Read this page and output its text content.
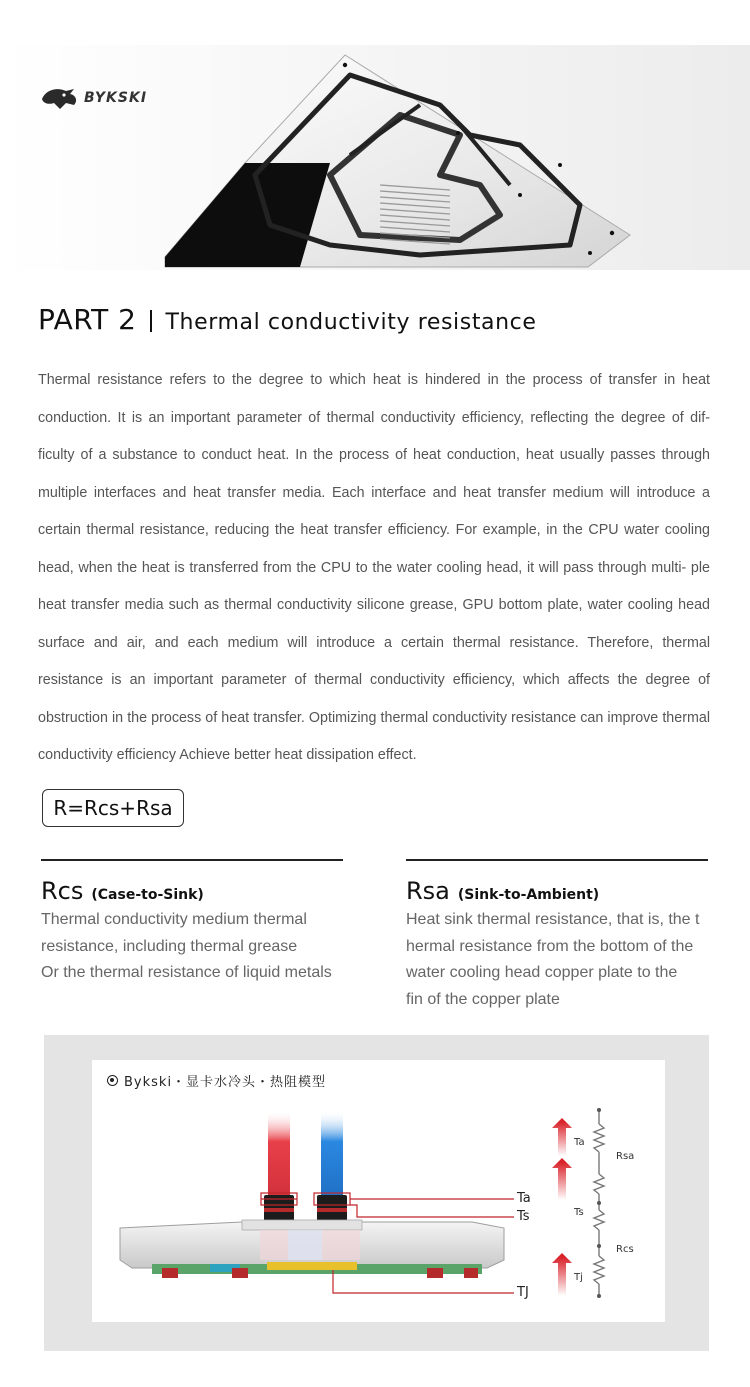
BYKSKI
PART 2 Thermal conductivity resistance

Thermal resistance refers to the degree to which heat is hindered in the process of transfer in heat conduction. It is an important parameter of thermal conductivity efficiency, reflecting the degree of dif- ficulty of a substance to conduct heat. In the process of heat conduction, heat usually passes through multiple interfaces and heat transfer media. Each interface and heat transfer medium will introduce a certain thermal resistance, reducing the heat transfer efficiency. For example, in the CPU water cooling head, when the heat is transferred from the CPU to the water cooling head, it will pass through multi- ple heat transfer media such as thermal conductivity silicone grease, GPU bottom plate, water cooling head surface and air, and each medium will introduce a certain thermal resistance. Therefore, thermal resistance is an important parameter of thermal conductivity efficiency, which affects the degree of obstruction in the process of heat transfer. Optimizing thermal conductivity resistance can improve thermal conductivity efficiency Achieve better heat dissipation effect.

R=Rcs+Rsa
Rcs (Case-to-Sink)
Thermal conductivity medium thermal
resistance, including thermal grease
Or the thermal resistance of liquid metals
Rsa (Sink-to-Ambient)
Heat sink thermal resistance, that is, the t
hermal resistance from the bottom of the
water cooling head copper plate to the
fin of the copper plate
Bykski・显卡水冷头・热阻模型
Ta
Ts
TJ
Ta
Rsa
Ts
Rcs
Tj
